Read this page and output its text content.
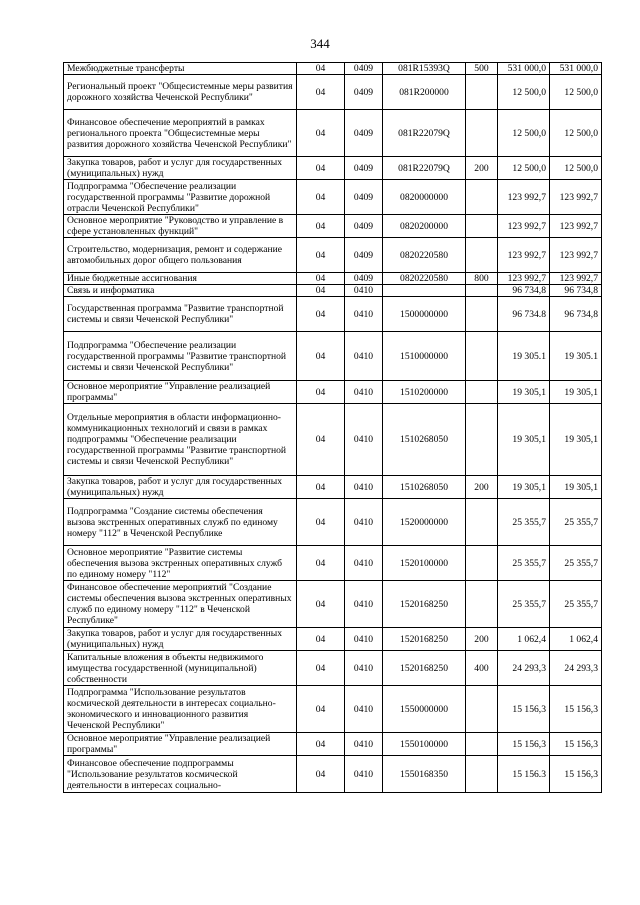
344
Межбюджетные трансферты	04	0409	081R15393Q	500	531 000,0	531 000,0
Региональный проект "Общесистемные меры развития дорожного хозяйства Чеченской Республики"	04	0409	081R200000		12 500,0	12 500,0
Финансовое обеспечение мероприятий в рамках регионального проекта "Общесистемные меры развития дорожного хозяйства Чеченской Республики"	04	0409	081R22079Q		12 500,0	12 500,0
Закупка товаров, работ и услуг для государственных (муниципальных) нужд	04	0409	081R22079Q	200	12 500,0	12 500,0
Подпрограмма "Обеспечение реализации государственной программы "Развитие дорожной отрасли Чеченской Республики"	04	0409	0820000000		123 992,7	123 992,7
Основное мероприятие "Руководство и управление в сфере установленных функций"	04	0409	0820200000		123 992,7	123 992,7
Строительство, модернизация, ремонт и содержание автомобильных дорог общего пользования	04	0409	0820220580		123 992,7	123 992,7
Иные бюджетные ассигнования	04	0409	0820220580	800	123 992,7	123 992,7
Связь и информатика	04	0410			96 734,8	96 734,8
Государственная программа "Развитие транспортной системы и связи Чеченской Республики"	04	0410	1500000000		96 734.8	96 734,8
Подпрограмма "Обеспечение реализации государственной программы "Развитие транспортной системы и связи Чеченской Республики"	04	0410	1510000000		19 305.1	19 305.1
Основное мероприятие "Управление реализацией программы"	04	0410	1510200000		19 305,1	19 305,1
Отдельные мероприятия в области информационно-коммуникационных технологий и связи в рамках подпрограммы "Обеспечение реализации государственной программы "Развитие транспортной системы и связи Чеченской Республики"	04	0410	1510268050		19 305,1	19 305,1
Закупка товаров, работ и услуг для государственных (муниципальных) нужд	04	0410	1510268050	200	19 305,1	19 305,1
Подпрограмма "Создание системы обеспечения вызова экстренных оперативных служб по единому номеру "112" в Чеченской Республике	04	0410	1520000000		25 355,7	25 355,7
Основное мероприятие "Развитие системы обеспечения вызова экстренных оперативных служб по единому номеру "112"	04	0410	1520100000		25 355,7	25 355,7
Финансовое обеспечение мероприятий "Создание системы обеспечения вызова экстренных оперативных служб по единому номеру "112" в Чеченской Республике"	04	0410	1520168250		25 355,7	25 355,7
Закупка товаров, работ и услуг для государственных (муниципальных) нужд	04	0410	1520168250	200	1 062,4	1 062,4
Капитальные вложения в объекты недвижимого имущества государственной (муниципальной) собственности	04	0410	1520168250	400	24 293,3	24 293,3
Подпрограмма "Использование результатов космической деятельности в интересах социально-экономического и инновационного развития Чеченской Республики"	04	0410	1550000000		15 156,3	15 156,3
Основное мероприятие "Управление реализацией программы"	04	0410	1550100000		15 156,3	15 156,3
Финансовое обеспечение подпрограммы "Использование результатов космической деятельности в интересах социально-	04	0410	1550168350		15 156.3	15 156,3
